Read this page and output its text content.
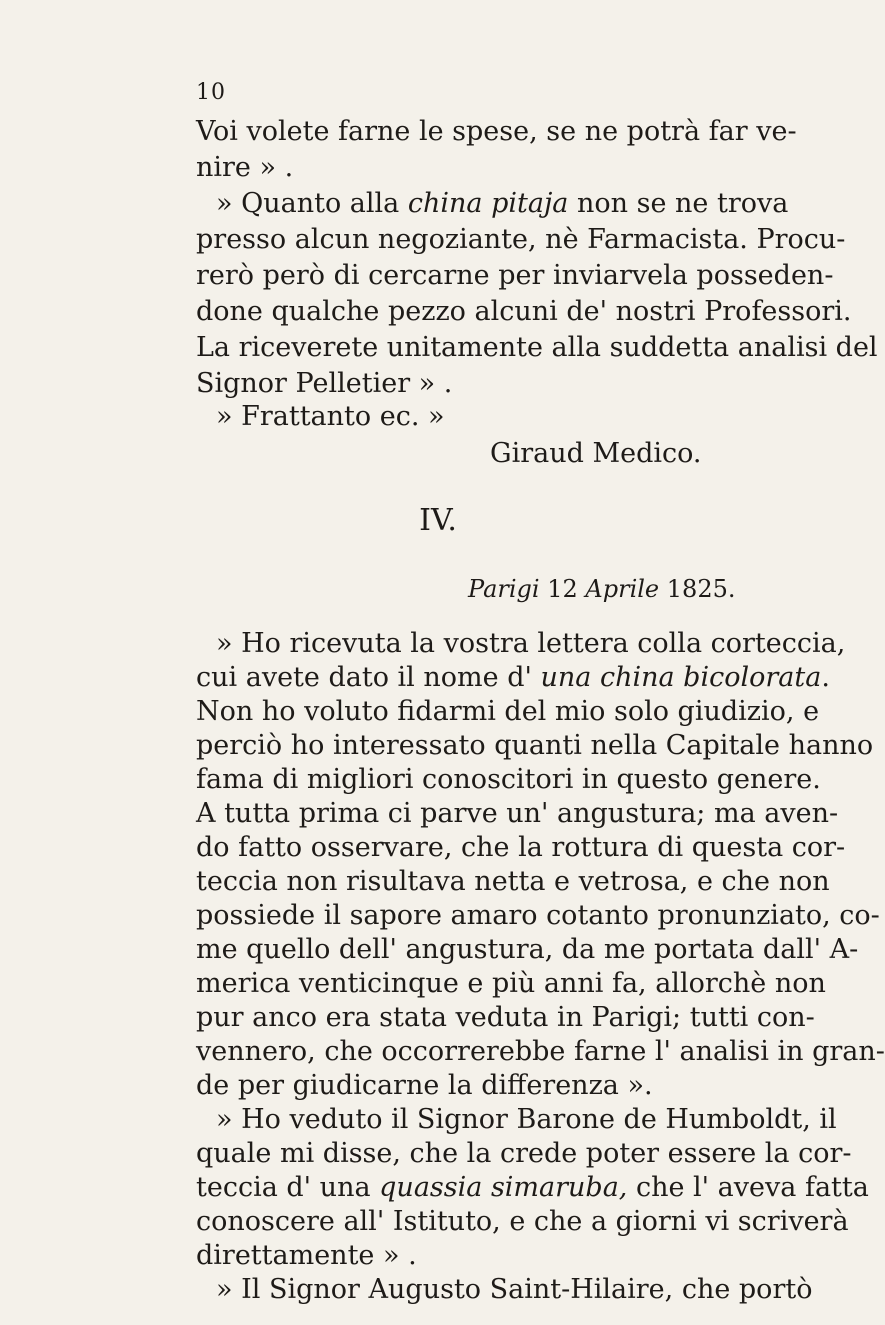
10
Voi volete farne le spese, se ne potrà far ve-
nire » .
» Quanto alla china pitaja non se ne trova
presso alcun negoziante, nè Farmacista. Procu-
rerò però di cercarne per inviarvela posseden-
done qualche pezzo alcuni de' nostri Professori.
La riceverete unitamente alla suddetta analisi del
Signor Pelletier » .
» Frattanto ec. »
Giraud Medico.
IV.
Parigi 12 Aprile 1825.
» Ho ricevuta la vostra lettera colla corteccia,
cui avete dato il nome d' una china bicolorata.
Non ho voluto fidarmi del mio solo giudizio, e
perciò ho interessato quanti nella Capitale hanno
fama di migliori conoscitori in questo genere.
A tutta prima ci parve un' angustura; ma aven-
do fatto osservare, che la rottura di questa cor-
teccia non risultava netta e vetrosa, e che non
possiede il sapore amaro cotanto pronunziato, co-
me quello dell' angustura, da me portata dall' A-
merica venticinque e più anni fa, allorchè non
pur anco era stata veduta in Parigi; tutti con-
vennero, che occorrerebbe farne l' analisi in gran-
de per giudicarne la differenza ».
» Ho veduto il Signor Barone de Humboldt, il
quale mi disse, che la crede poter essere la cor-
teccia d' una quassia simaruba, che l' aveva fatta
conoscere all' Istituto, e che a giorni vi scriverà
direttamente » .
» Il Signor Augusto Saint-Hilaire, che portò
